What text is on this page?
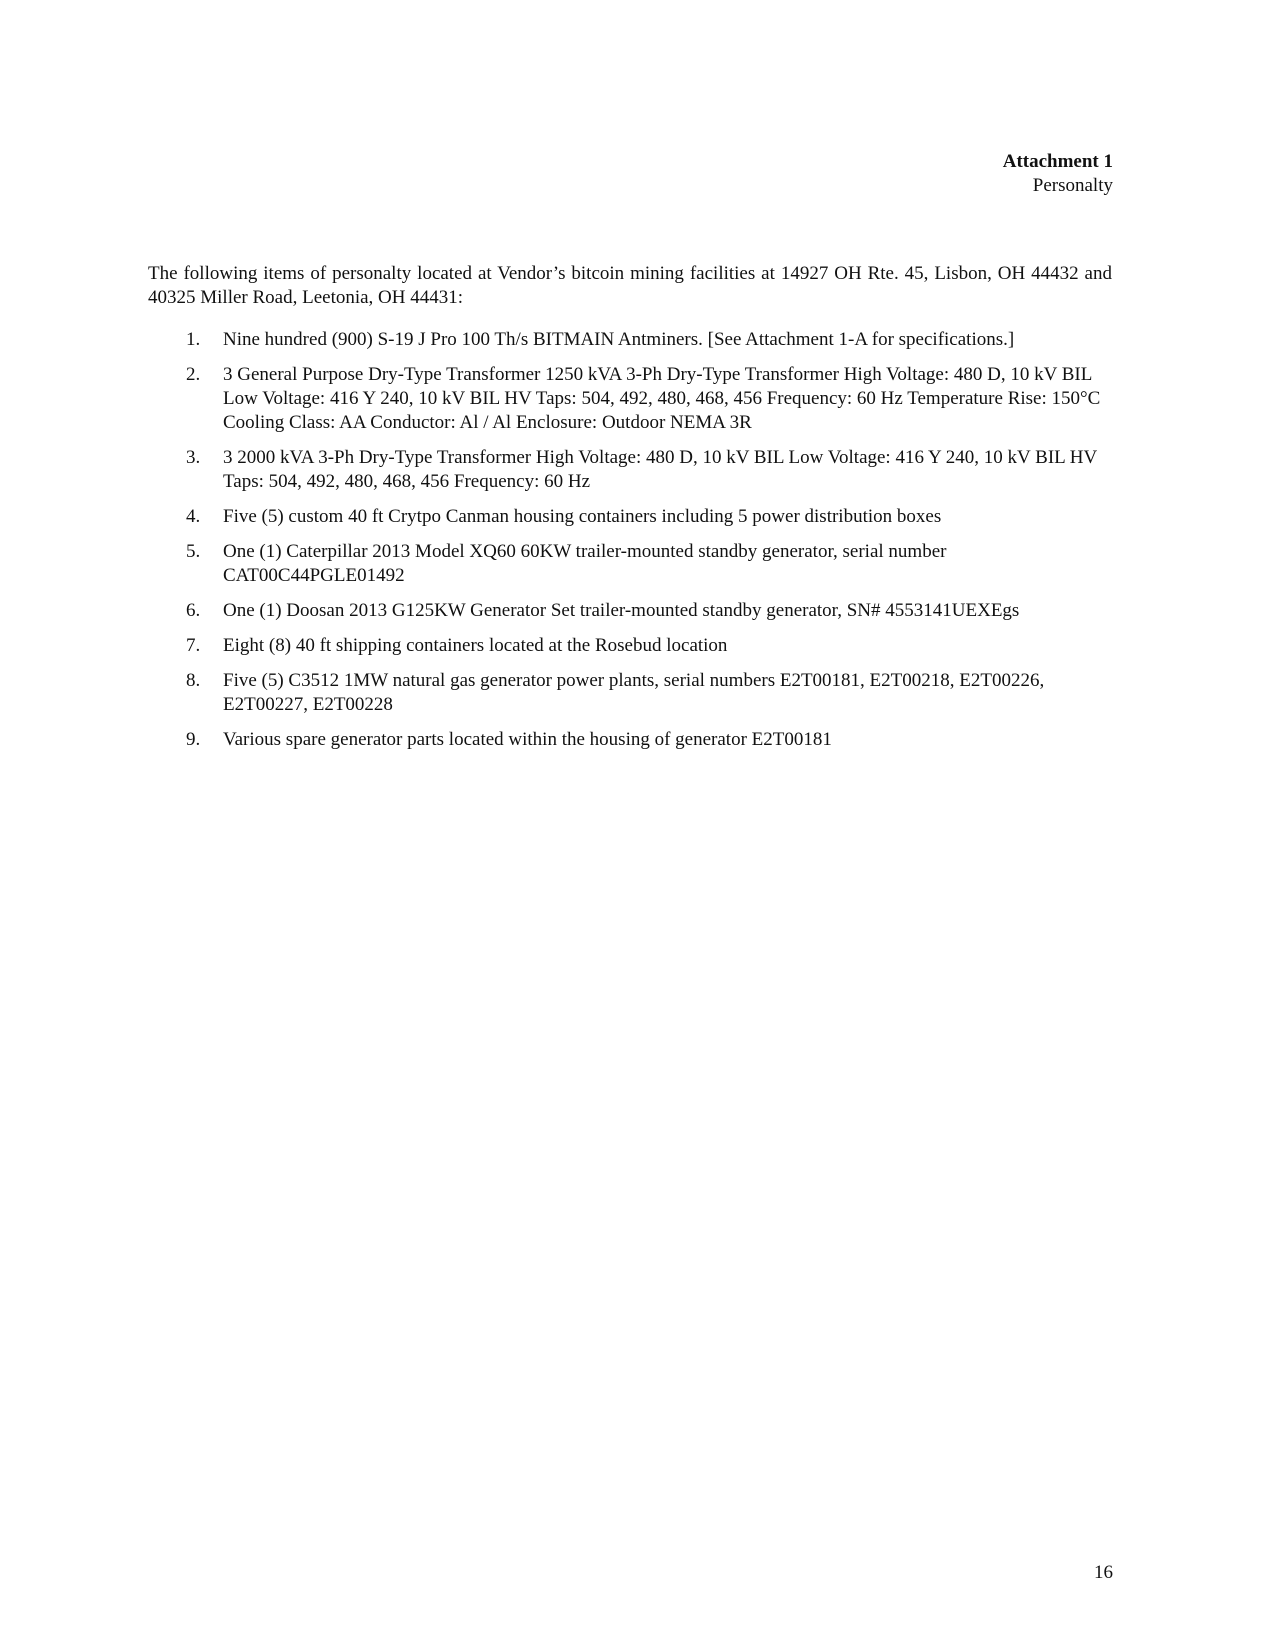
Attachment 1
Personalty

The following items of personalty located at Vendor’s bitcoin mining facilities at 14927 OH Rte. 45, Lisbon, OH 44432 and 40325 Miller Road, Leetonia, OH 44431:

1. Nine hundred (900) S-19 J Pro 100 Th/s BITMAIN Antminers. [See Attachment 1-A for specifications.]
2. 3 General Purpose Dry-Type Transformer 1250 kVA 3-Ph Dry-Type Transformer High Voltage: 480 D, 10 kV BIL Low Voltage: 416 Y 240, 10 kV BIL HV Taps: 504, 492, 480, 468, 456 Frequency: 60 Hz Temperature Rise: 150°C Cooling Class: AA Conductor: Al / Al Enclosure: Outdoor NEMA 3R
3. 3 2000 kVA 3-Ph Dry-Type Transformer High Voltage: 480 D, 10 kV BIL Low Voltage: 416 Y 240, 10 kV BIL HV Taps: 504, 492, 480, 468, 456 Frequency: 60 Hz
4. Five (5) custom 40 ft Crytpo Canman housing containers including 5 power distribution boxes
5. One (1) Caterpillar 2013 Model XQ60 60KW trailer-mounted standby generator, serial number CAT00C44PGLE01492
6. One (1) Doosan 2013 G125KW Generator Set trailer-mounted standby generator, SN# 4553141UEXEgs
7. Eight (8) 40 ft shipping containers located at the Rosebud location
8. Five (5) C3512 1MW natural gas generator power plants, serial numbers E2T00181, E2T00218, E2T00226, E2T00227, E2T00228
9. Various spare generator parts located within the housing of generator E2T00181
16
